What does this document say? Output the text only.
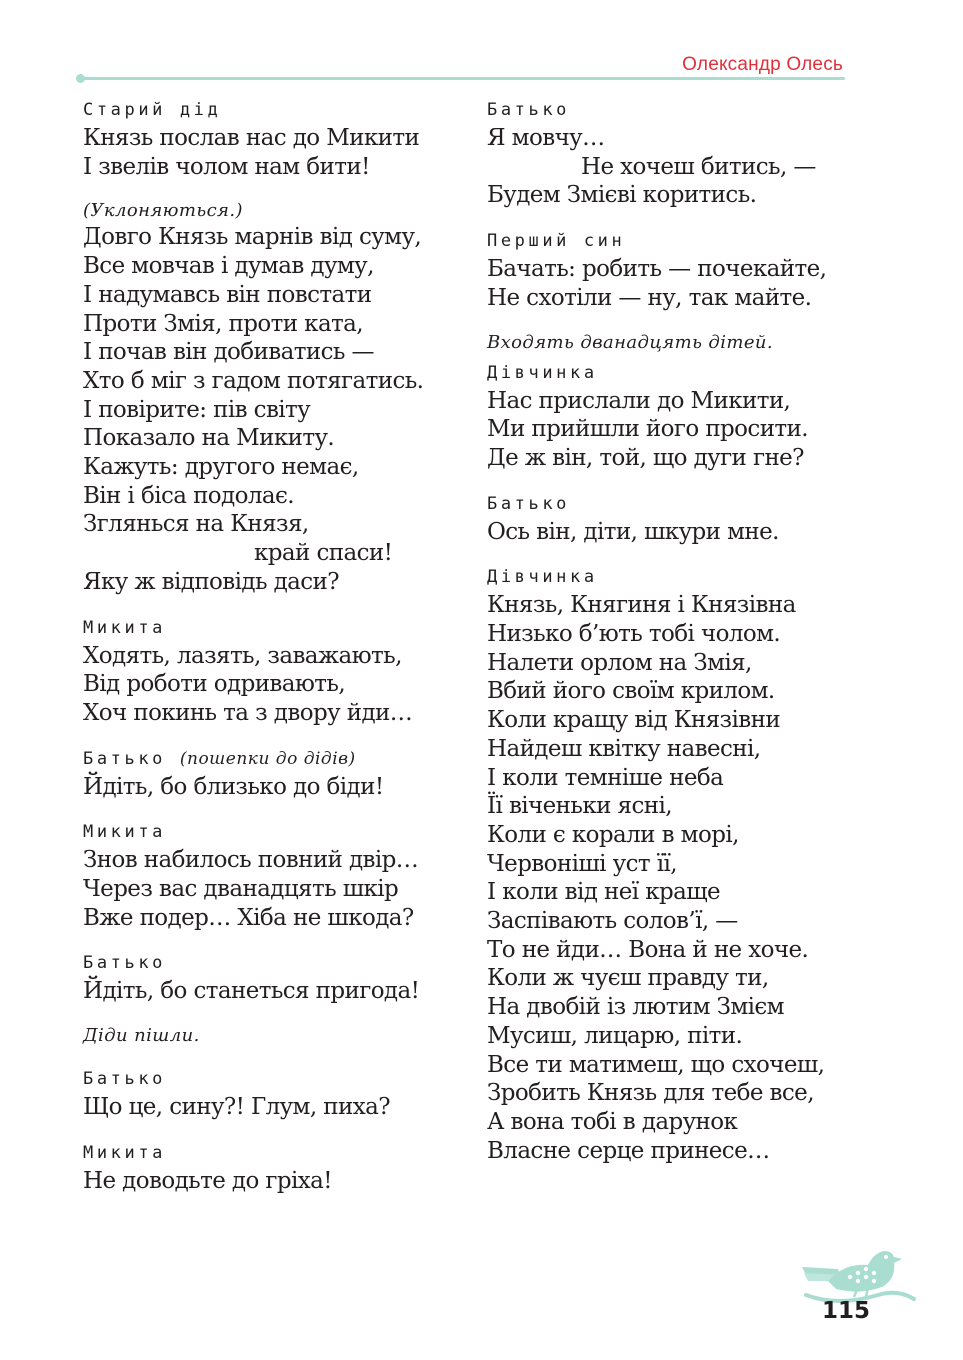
Олександр Олесь
Старий дід
Князь послав нас до Микити
І звелів чолом нам бити!
(Уклоняються.)
Довго Князь марнів від суму,
Все мовчав і думав думу,
І надумавсь він повстати
Проти Змія, проти ката,
І почав він добиватись —
Хто б міг з гадом потягатись.
І повірите: пів світу
Показало на Микиту.
Кажуть: другого немає,
Він і біса подолає.
Зглянься на Князя,
край спаси!
Яку ж відповідь даси?
Микита
Ходять, лазять, заважають,
Від роботи одривають,
Хоч покинь та з двору йди…
Батько (пошепки до дідів)
Йдіть, бо близько до біди!
Микита
Знов набилось повний двір…
Через вас дванадцять шкір
Вже подер… Хіба не шкода?
Батько
Йдіть, бо станеться пригода!
Діди пішли.
Батько
Що це, сину?! Глум, пиха?
Микита
Не доводьте до гріха!
Батько
Я мовчу…
Не хочеш битись, —
Будем Змієві коритись.
Перший син
Бачать: робить — почекайте,
Не схотіли — ну, так майте.
Входять дванадцять дітей.
Дівчинка
Нас прислали до Микити,
Ми прийшли його просити.
Де ж він, той, що дуги гне?
Батько
Ось він, діти, шкури мне.
Дівчинка
Князь, Княгиня і Князівна
Низько б’ють тобі чолом.
Налети орлом на Змія,
Вбий його своїм крилом.
Коли кращу від Князівни
Найдеш квітку навесні,
І коли темніше неба
Її віченьки ясні,
Коли є корали в морі,
Червоніші уст її,
І коли від неї краще
Заспівають солов’ї, —
То не йди… Вона й не хоче.
Коли ж чуєш правду ти,
На двобій із лютим Змієм
Мусиш, лицарю, піти.
Все ти матимеш, що схочеш,
Зробить Князь для тебе все,
А вона тобі в дарунок
Власне серце принесе…
115
